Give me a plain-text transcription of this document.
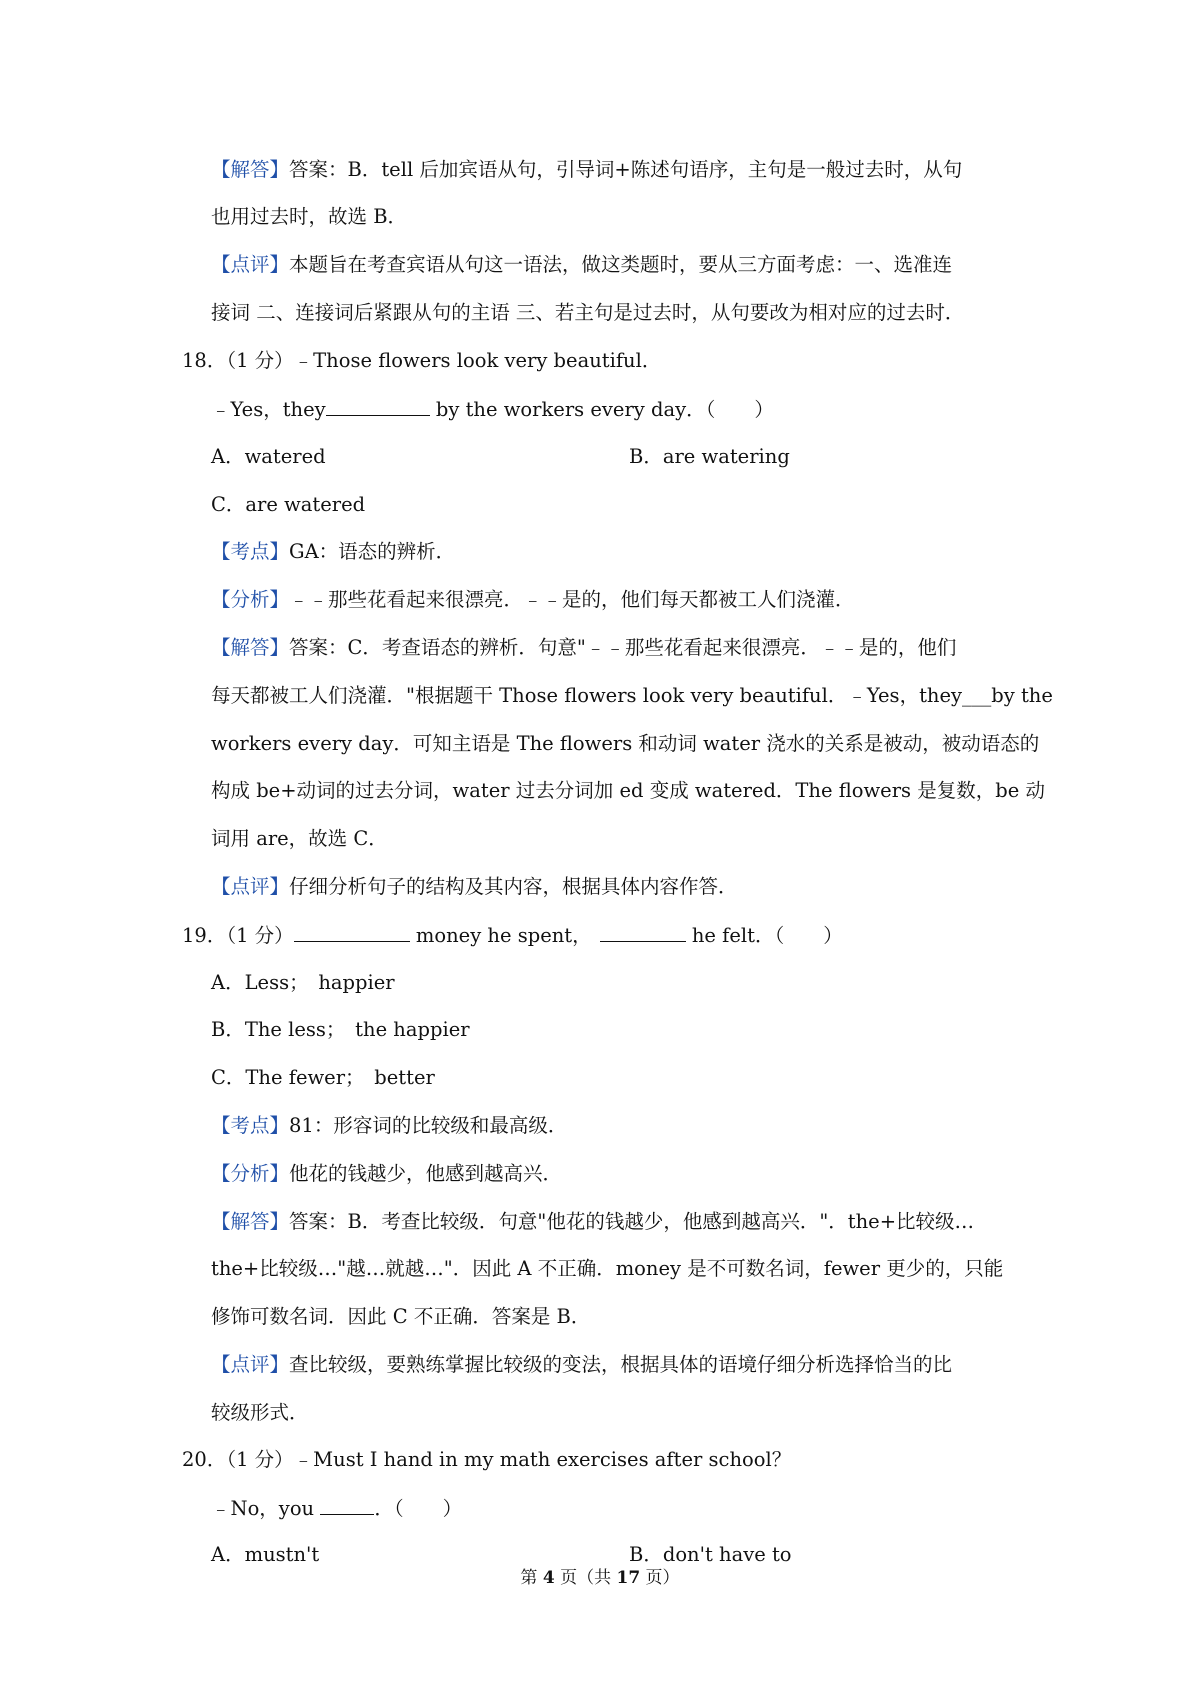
【解答】答案：B．tell 后加宾语从句，引导词+陈述句语序，主句是一般过去时，从句
也用过去时，故选 B．
【点评】本题旨在考查宾语从句这一语法，做这类题时，要从三方面考虑：一、选准连
接词 二、连接词后紧跟从句的主语 三、若主句是过去时，从句要改为相对应的过去时．
18．（1 分）﹣Those flowers look very beautiful．
﹣Yes，they	by the workers every day．（　　）
A．watered	B．are watering
C．are watered
【考点】GA：语态的辨析．
【分析】﹣﹣那些花看起来很漂亮．﹣﹣是的，他们每天都被工人们浇灌．
【解答】答案：C．考查语态的辨析．句意"﹣﹣那些花看起来很漂亮．﹣﹣是的，他们
每天都被工人们浇灌．"根据题干 Those flowers look very beautiful．﹣Yes，they___by the
workers every day．可知主语是 The flowers 和动词 water 浇水的关系是被动，被动语态的
构成 be+动词的过去分词，water 过去分词加 ed 变成 watered．The flowers 是复数，be 动
词用 are，故选 C．
【点评】仔细分析句子的结构及其内容，根据具体内容作答．
19．（1 分）	money he spent，	he felt．（　　）
A．Less；　happier
B．The less；　the happier
C．The fewer；　better
【考点】81：形容词的比较级和最高级．
【分析】他花的钱越少，他感到越高兴．
【解答】答案：B．考查比较级．句意"他花的钱越少，他感到越高兴．"．the+比较级…
the+比较级…"越…就越…"．因此 A 不正确．money 是不可数名词，fewer 更少的，只能
修饰可数名词．因此 C 不正确．答案是 B．
【点评】查比较级，要熟练掌握比较级的变法，根据具体的语境仔细分析选择恰当的比
较级形式．
20．（1 分）﹣Must I hand in my math exercises after school？
﹣No，you	．（　　）
A．mustn't	B．don't have to
第 4 页（共 17 页）
